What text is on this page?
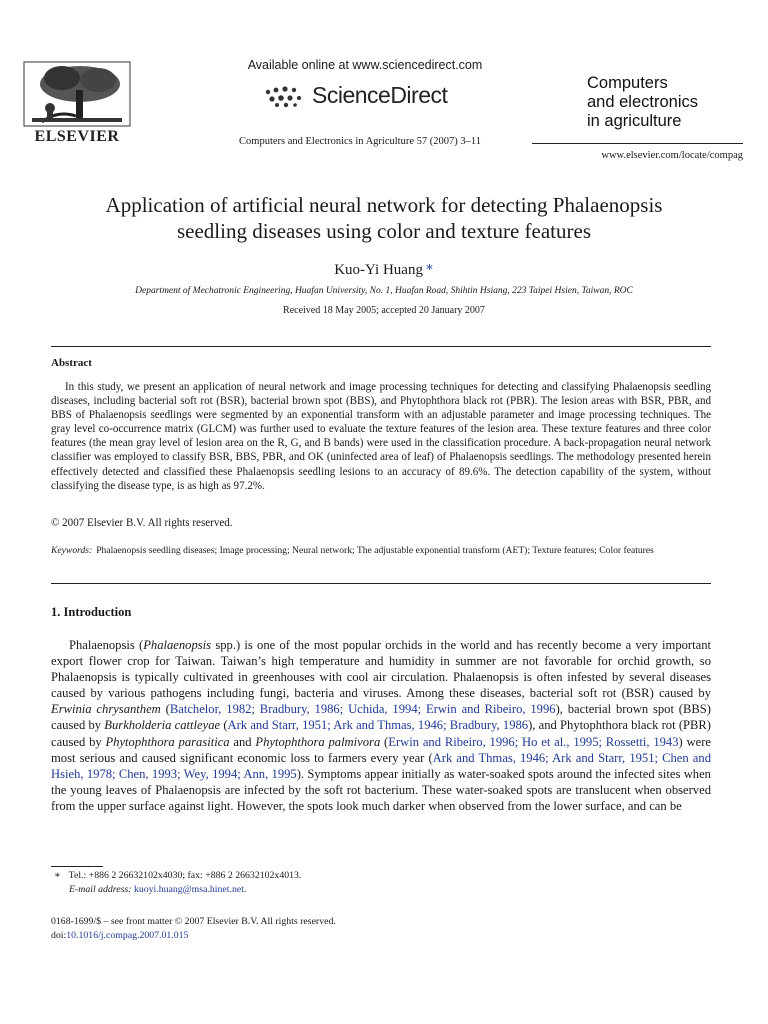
ELSEVIER
Available online at www.sciencedirect.com
ScienceDirect
Computers and Electronics in Agriculture 57 (2007) 3–11
Computers
and electronics
in agriculture
www.elsevier.com/locate/compag
Application of artificial neural network for detecting Phalaenopsis
seedling diseases using color and texture features
Kuo-Yi Huang ∗
Department of Mechatronic Engineering, Huafan University, No. 1, Huafan Road, Shihtin Hsiang, 223 Taipei Hsien, Taiwan, ROC
Received 18 May 2005; accepted 20 January 2007
Abstract
In this study, we present an application of neural network and image processing techniques for detecting and classifying Phalaenopsis seedling diseases, including bacterial soft rot (BSR), bacterial brown spot (BBS), and Phytophthora black rot (PBR). The lesion areas with BSR, PBR, and BBS of Phalaenopsis seedlings were segmented by an exponential transform with an adjustable parameter and image processing techniques. The gray level co-occurrence matrix (GLCM) was further used to evaluate the texture features of the lesion area. These texture features and three color features (the mean gray level of lesion area on the R, G, and B bands) were used in the classification procedure. A back-propagation neural network classifier was employed to classify BSR, BBS, PBR, and OK (uninfected area of leaf) of Phalaenopsis seedlings. The methodology presented herein effectively detected and classified these Phalaenopsis seedling lesions to an accuracy of 89.6%. The detection capability of the system, without classifying the disease type, is as high as 97.2%.
© 2007 Elsevier B.V. All rights reserved.
Keywords: Phalaenopsis seedling diseases; Image processing; Neural network; The adjustable exponential transform (AET); Texture features; Color features
1. Introduction
Phalaenopsis (Phalaenopsis spp.) is one of the most popular orchids in the world and has recently become a very important export flower crop for Taiwan. Taiwan’s high temperature and humidity in summer are not favorable for orchid growth, so Phalaenopsis is typically cultivated in greenhouses with cool air circulation. Phalaenopsis is often infested by several diseases caused by various pathogens including fungi, bacteria and viruses. Among these diseases, bacterial soft rot (BSR) caused by Erwinia chrysanthem (Batchelor, 1982; Bradbury, 1986; Uchida, 1994; Erwin and Ribeiro, 1996), bacterial brown spot (BBS) caused by Burkholderia cattleyae (Ark and Starr, 1951; Ark and Thmas, 1946; Bradbury, 1986), and Phytophthora black rot (PBR) caused by Phytophthora parasitica and Phytophthora palmivora (Erwin and Ribeiro, 1996; Ho et al., 1995; Rossetti, 1943) were most serious and caused significant economic loss to farmers every year (Ark and Thmas, 1946; Ark and Starr, 1951; Chen and Hsieh, 1978; Chen, 1993; Wey, 1994; Ann, 1995). Symptoms appear initially as water-soaked spots around the infected sites when the young leaves of Phalaenopsis are infected by the soft rot bacterium. These water-soaked spots are translucent when observed from the upper surface against light. However, the spots look much darker when observed from the lower surface, and can be
∗ Tel.: +886 2 26632102x4030; fax: +886 2 26632102x4013.
E-mail address: kuoyi.huang@msa.hinet.net.
0168-1699/$ – see front matter © 2007 Elsevier B.V. All rights reserved.
doi:10.1016/j.compag.2007.01.015
